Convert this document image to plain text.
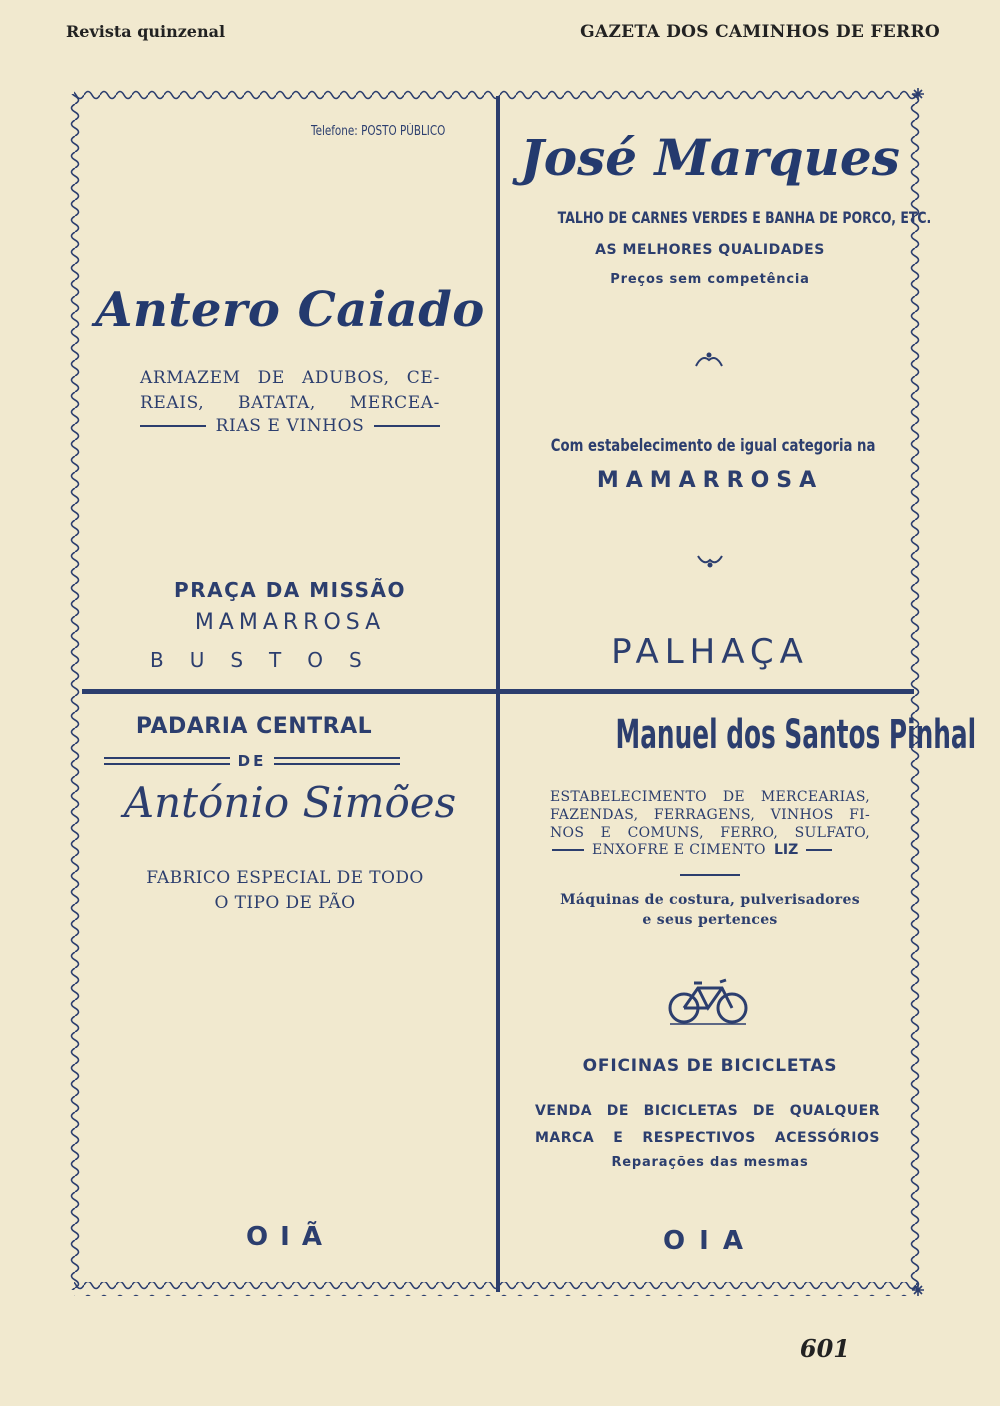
Revista quinzenal	GAZETA DOS CAMINHOS DE FERRO
Telefone: POSTO PÚBLICO
Antero Caiado
ARMAZEM DE ADUBOS, CE-
REAIS, BATATA, MERCEA-
RIAS E VINHOS
PRAÇA DA MISSÃO
MAMARROSA
BUSTOS
José Marques
TALHO DE CARNES VERDES E BANHA DE PORCO, ETC.
AS MELHORES QUALIDADES
Preços sem competência
Com estabelecimento de igual categoria na
MAMARROSA
PALHAÇA
PADARIA CENTRAL
DE
António Simões
FABRICO ESPECIAL DE TODO
O TIPO DE PÃO
OIÃ
Manuel dos Santos Pinhal
ESTABELECIMENTO DE MERCEARIAS,
FAZENDAS, FERRAGENS, VINHOS FI-
NOS E COMUNS, FERRO, SULFATO,
ENXOFRE E CIMENTO LIZ
Máquinas de costura, pulverisadores
e seus pertences
OFICINAS DE BICICLETAS
VENDA DE BICICLETAS DE QUALQUER
MARCA E RESPECTIVOS ACESSÓRIOS
Reparações das mesmas
OIA
601
